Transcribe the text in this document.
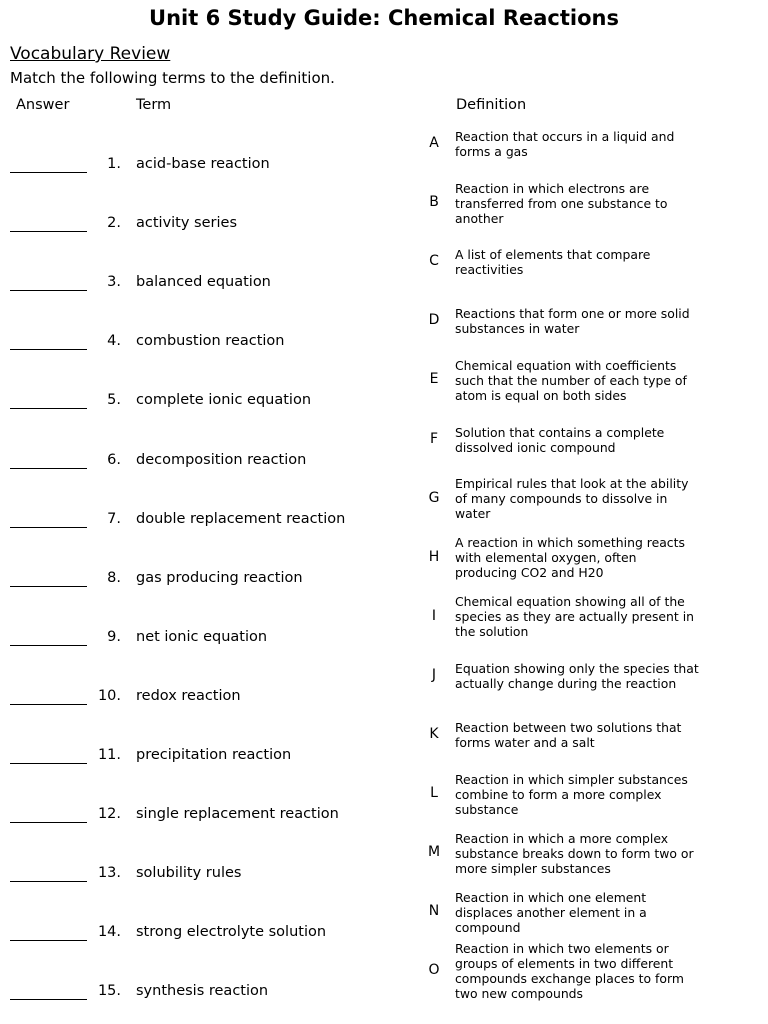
Unit 6 Study Guide: Chemical Reactions
Vocabulary Review
Match the following terms to the definition.
Answer	Term	Definition
1. acid-base reaction
2. activity series
3. balanced equation
4. combustion reaction
5. complete ionic equation
6. decomposition reaction
7. double replacement reaction
8. gas producing reaction
9. net ionic equation
10. redox reaction
11. precipitation reaction
12. single replacement reaction
13. solubility rules
14. strong electrolyte solution
15. synthesis reaction
A Reaction that occurs in a liquid and
forms a gas
B
Reaction in which electrons are
transferred from one substance to
another
C A list of elements that compare
reactivities
D Reactions that form one or more solid
substances in water
E
Chemical equation with coefficients
such that the number of each type of
atom is equal on both sides
F	Solution that contains a complete
dissolved ionic compound
G
Empirical rules that look at the ability
of many compounds to dissolve in
water
H
A reaction in which something reacts
with elemental oxygen, often
producing CO2 and H20
I
Chemical equation showing all of the
species as they are actually present in
the solution
J	Equation showing only the species that
actually change during the reaction
K Reaction between two solutions that
forms water and a salt
L
Reaction in which simpler substances
combine to form a more complex
substance
M
Reaction in which a more complex
substance breaks down to form two or
more simpler substances
N
Reaction in which one element
displaces another element in a
compound
O
Reaction in which two elements or
groups of elements in two different
compounds exchange places to form
two new compounds
